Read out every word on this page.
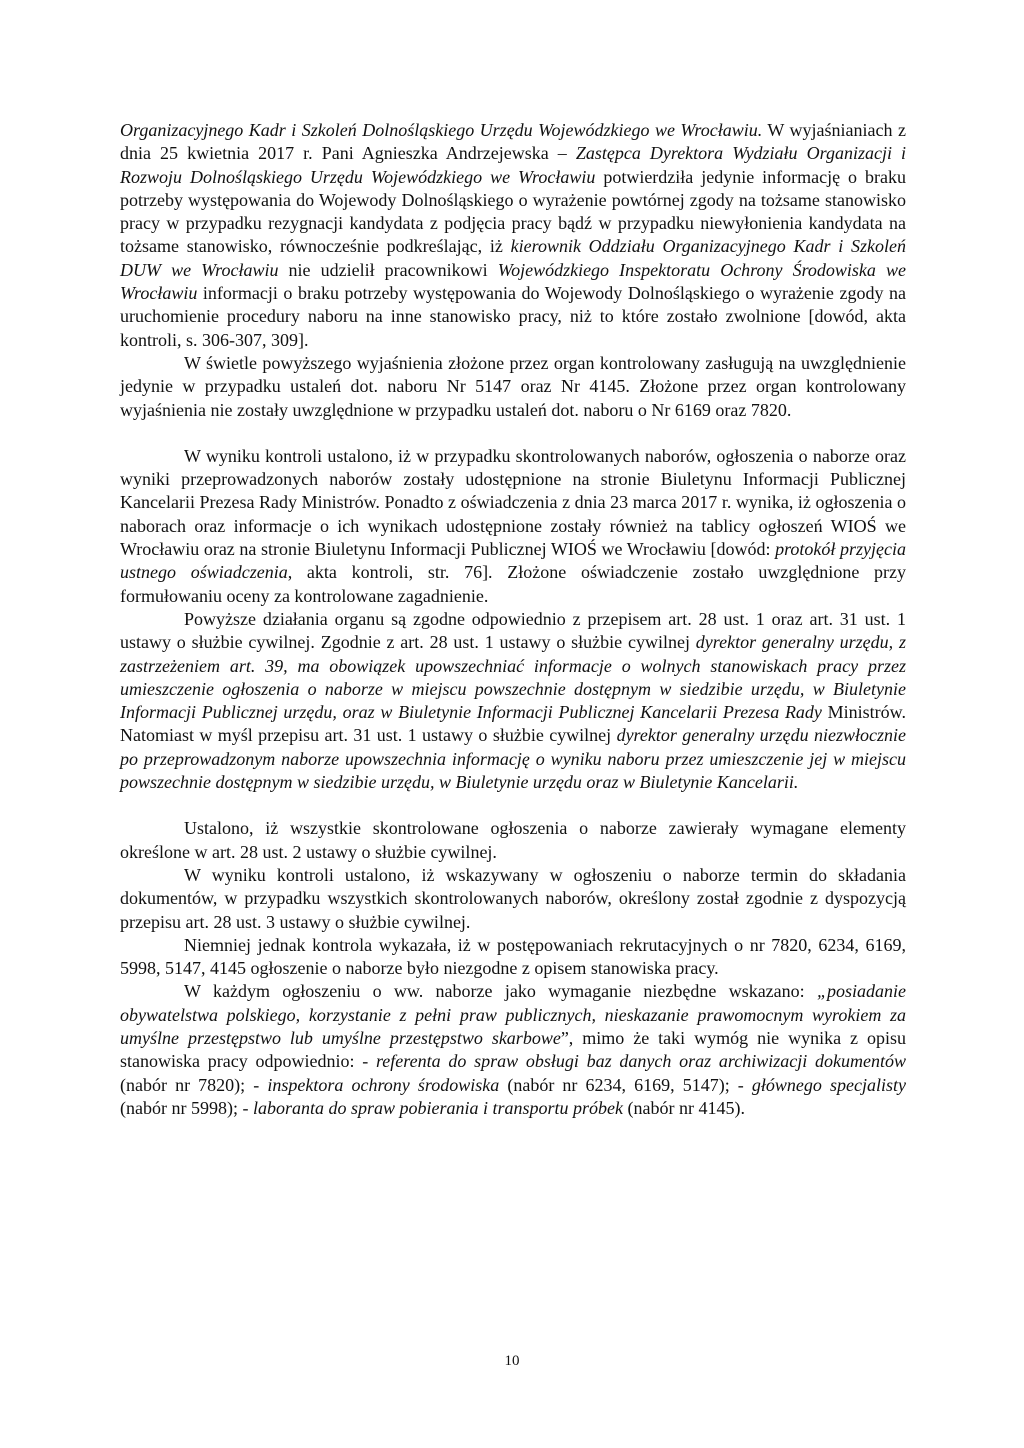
Organizacyjnego Kadr i Szkoleń Dolnośląskiego Urzędu Wojewódzkiego we Wrocławiu. W wyjaśnianiach z dnia 25 kwietnia 2017 r. Pani Agnieszka Andrzejewska – Zastępca Dyrektora Wydziału Organizacji i Rozwoju Dolnośląskiego Urzędu Wojewódzkiego we Wrocławiu potwierdziła jedynie informację o braku potrzeby występowania do Wojewody Dolnośląskiego o wyrażenie powtórnej zgody na tożsame stanowisko pracy w przypadku rezygnacji kandydata z podjęcia pracy bądź w przypadku niewyłonienia kandydata na tożsame stanowisko, równocześnie podkreślając, iż kierownik Oddziału Organizacyjnego Kadr i Szkoleń DUW we Wrocławiu nie udzielił pracownikowi Wojewódzkiego Inspektoratu Ochrony Środowiska we Wrocławiu informacji o braku potrzeby występowania do Wojewody Dolnośląskiego o wyrażenie zgody na uruchomienie procedury naboru na inne stanowisko pracy, niż to które zostało zwolnione [dowód, akta kontroli, s. 306-307, 309].

W świetle powyższego wyjaśnienia złożone przez organ kontrolowany zasługują na uwzględnienie jedynie w przypadku ustaleń dot. naboru Nr 5147 oraz Nr 4145. Złożone przez organ kontrolowany wyjaśnienia nie zostały uwzględnione w przypadku ustaleń dot. naboru o Nr 6169 oraz 7820.

W wyniku kontroli ustalono, iż w przypadku skontrolowanych naborów, ogłoszenia o naborze oraz wyniki przeprowadzonych naborów zostały udostępnione na stronie Biuletynu Informacji Publicznej Kancelarii Prezesa Rady Ministrów. Ponadto z oświadczenia z dnia 23 marca 2017 r. wynika, iż ogłoszenia o naborach oraz informacje o ich wynikach udostępnione zostały również na tablicy ogłoszeń WIOŚ we Wrocławiu oraz na stronie Biuletynu Informacji Publicznej WIOŚ we Wrocławiu [dowód: protokół przyjęcia ustnego oświadczenia, akta kontroli, str. 76]. Złożone oświadczenie zostało uwzględnione przy formułowaniu oceny za kontrolowane zagadnienie.

Powyższe działania organu są zgodne odpowiednio z przepisem art. 28 ust. 1 oraz art. 31 ust. 1 ustawy o służbie cywilnej. Zgodnie z art. 28 ust. 1 ustawy o służbie cywilnej dyrektor generalny urzędu, z zastrzeżeniem art. 39, ma obowiązek upowszechniać informacje o wolnych stanowiskach pracy przez umieszczenie ogłoszenia o naborze w miejscu powszechnie dostępnym w siedzibie urzędu, w Biuletynie Informacji Publicznej urzędu, oraz w Biuletynie Informacji Publicznej Kancelarii Prezesa Rady Ministrów. Natomiast w myśl przepisu art. 31 ust. 1 ustawy o służbie cywilnej dyrektor generalny urzędu niezwłocznie po przeprowadzonym naborze upowszechnia informację o wyniku naboru przez umieszczenie jej w miejscu powszechnie dostępnym w siedzibie urzędu, w Biuletynie urzędu oraz w Biuletynie Kancelarii.

Ustalono, iż wszystkie skontrolowane ogłoszenia o naborze zawierały wymagane elementy określone w art. 28 ust. 2 ustawy o służbie cywilnej.

W wyniku kontroli ustalono, iż wskazywany w ogłoszeniu o naborze termin do składania dokumentów, w przypadku wszystkich skontrolowanych naborów, określony został zgodnie z dyspozycją przepisu art. 28 ust. 3 ustawy o służbie cywilnej.

Niemniej jednak kontrola wykazała, iż w postępowaniach rekrutacyjnych o nr 7820, 6234, 6169, 5998, 5147, 4145 ogłoszenie o naborze było niezgodne z opisem stanowiska pracy.

W każdym ogłoszeniu o ww. naborze jako wymaganie niezbędne wskazano: „posiadanie obywatelstwa polskiego, korzystanie z pełni praw publicznych, nieskazanie prawomocnym wyrokiem za umyślne przestępstwo lub umyślne przestępstwo skarbowe”, mimo że taki wymóg nie wynika z opisu stanowiska pracy odpowiednio: - referenta do spraw obsługi baz danych oraz archiwizacji dokumentów (nabór nr 7820); - inspektora ochrony środowiska (nabór nr 6234, 6169, 5147); - głównego specjalisty (nabór nr 5998); - laboranta do spraw pobierania i transportu próbek (nabór nr 4145).

10
